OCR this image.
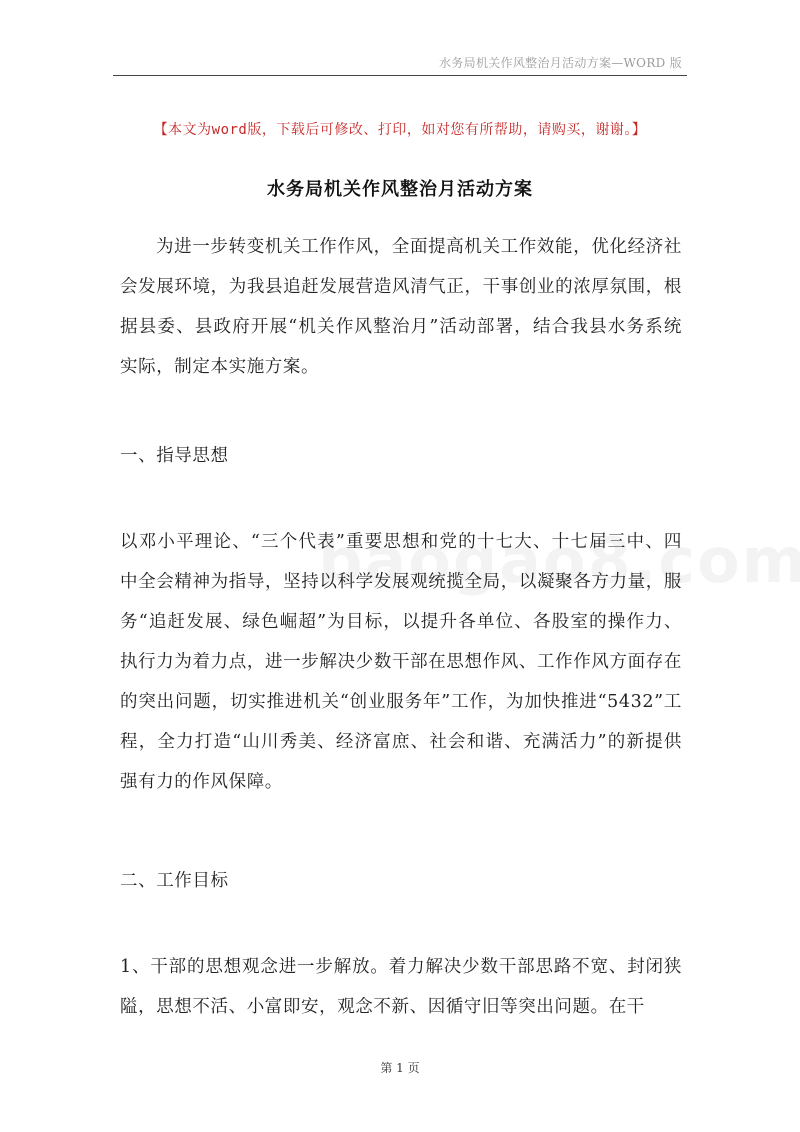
水务局机关作风整治月活动方案—WORD 版
【本文为word版，下载后可修改、打印，如对您有所帮助，请购买，谢谢。】
水务局机关作风整治月活动方案

为进一步转变机关工作作风，全面提高机关工作效能，优化经济社会发展环境，为我县追赶发展营造风清气正，干事创业的浓厚氛围，根据县委、县政府开展“机关作风整治月”活动部署，结合我县水务系统实际，制定本实施方案。

一、指导思想

以邓小平理论、“三个代表”重要思想和党的十七大、十七届三中、四中全会精神为指导，坚持以科学发展观统揽全局，以凝聚各方力量，服务“追赶发展、绿色崛超”为目标，以提升各单位、各股室的操作力、执行力为着力点，进一步解决少数干部在思想作风、工作作风方面存在的突出问题，切实推进机关“创业服务年”工作，为加快推进“5432”工程，全力打造“山川秀美、经济富庶、社会和谐、充满活力”的新提供强有力的作风保障。

二、工作目标

1、干部的思想观念进一步解放。着力解决少数干部思路不宽、封闭狭隘，思想不活、小富即安，观念不新、因循守旧等突出问题。在干

第 1 页
